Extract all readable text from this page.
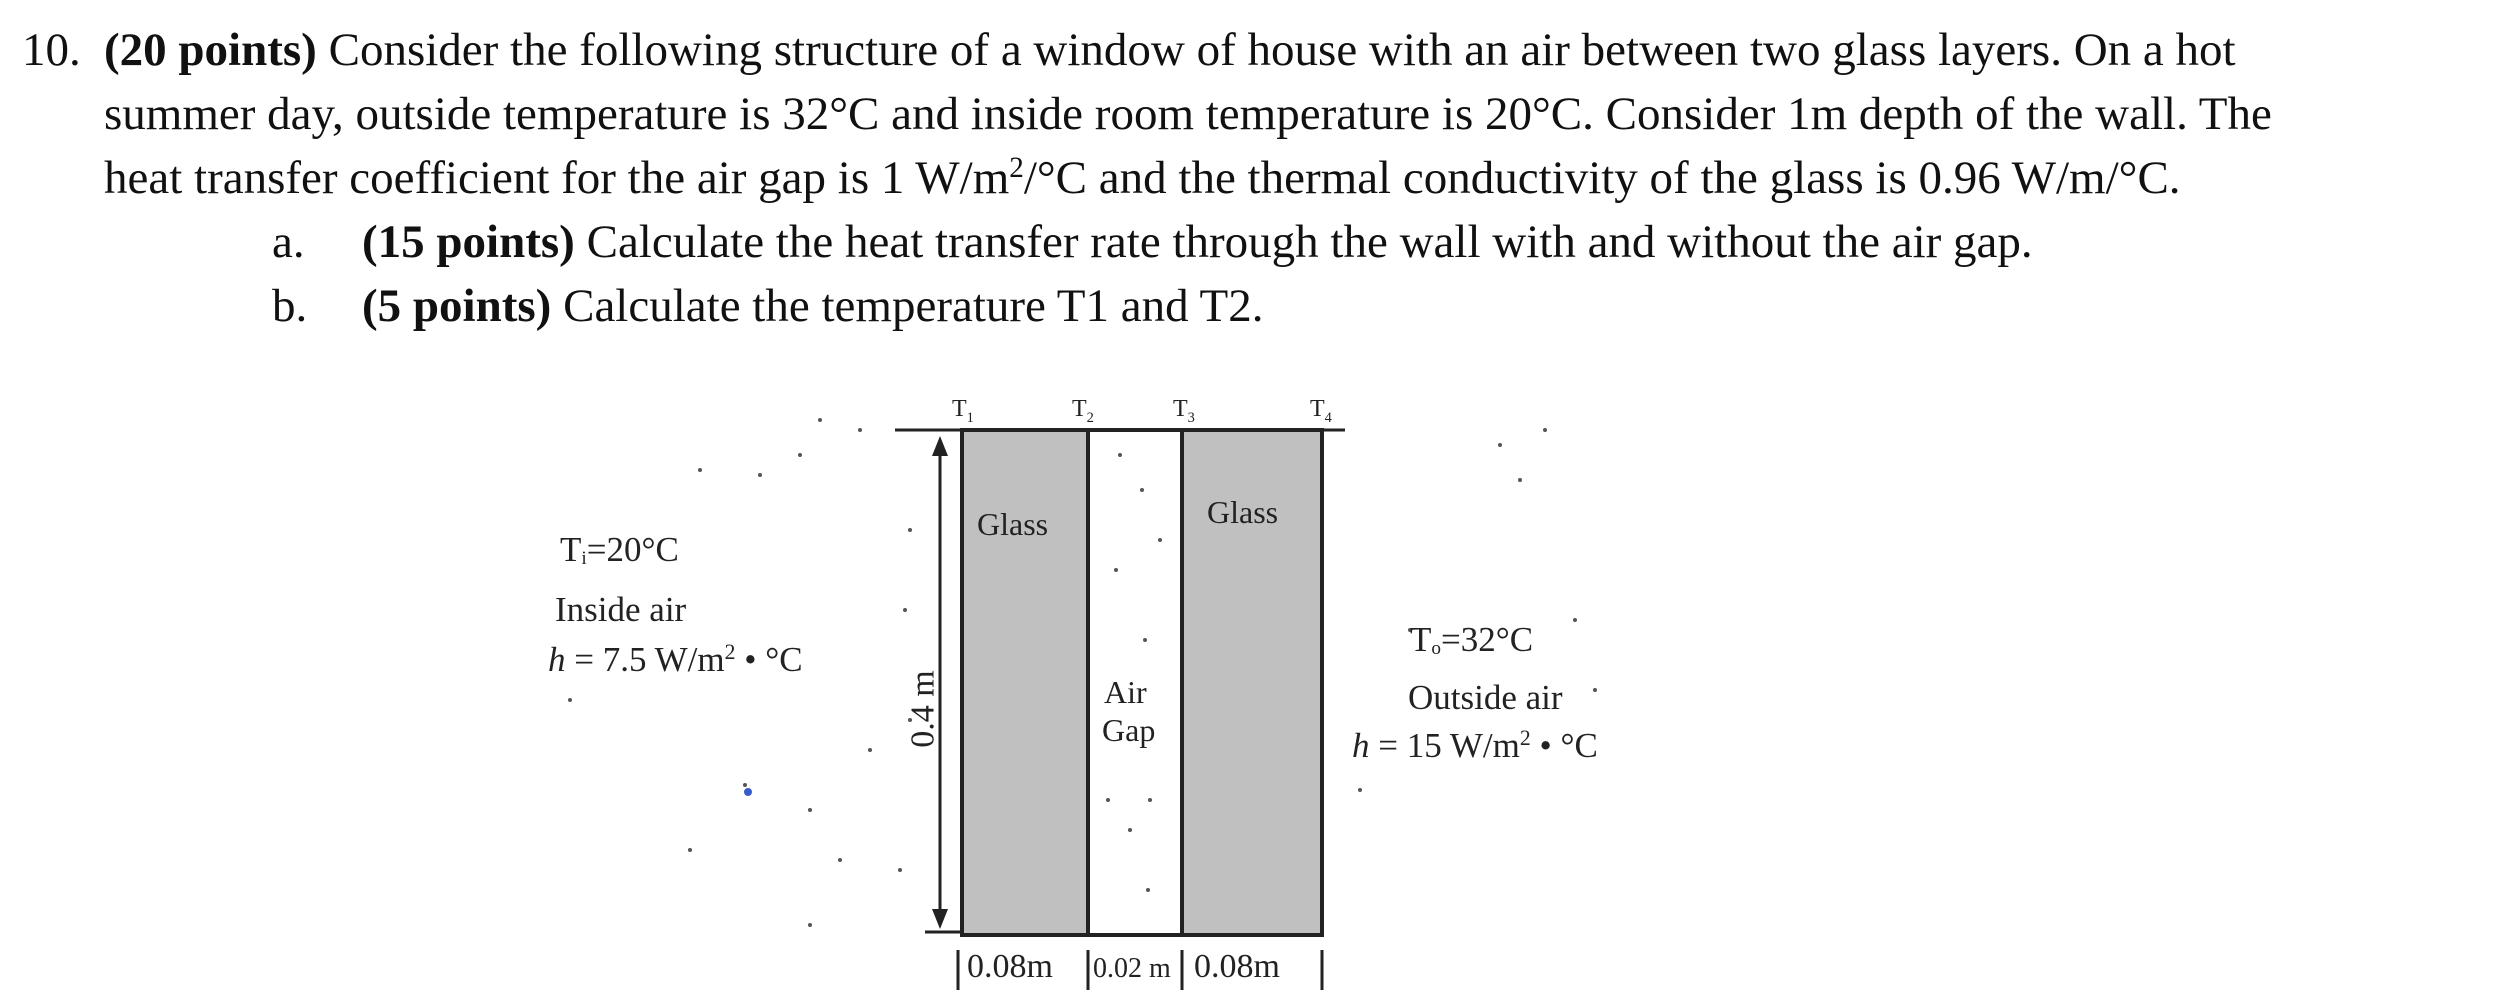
10. (20 points) Consider the following structure of a window of house with an air between two glass layers. On a hot

summer day, outside temperature is 32°C and inside room temperature is 20°C. Consider 1m depth of the wall. The

heat transfer coefficient for the air gap is 1 $W/m^2/^\circ C$ and the thermal conductivity of the glass is 0.96 W/m/°C.

a. (15 points) Calculate the heat transfer rate through the wall with and without the air gap.

b. (5 points) Calculate the temperature T1 and T2.

$T_1$	$T_2$	$T_3$	$T_4$
Glass	Glass
Air
Gap
0.4 m
0.08m 0.02 m 0.08m
$T_i=20^\circ C$
Inside air
h = 7.5 $W/m^2$ • °C
$T_o=32^\circ C$
Outside air
h = 15 $W/m^2$ • °C
